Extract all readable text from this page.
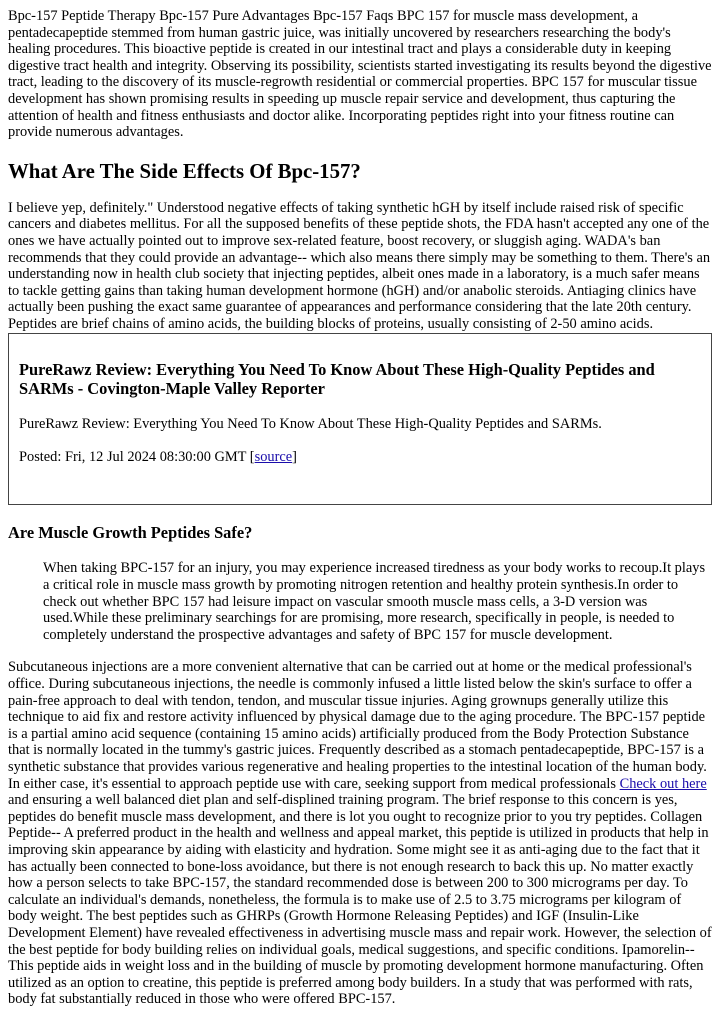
Bpc-157 Peptide Therapy Bpc-157 Pure Advantages Bpc-157 Faqs BPC 157 for muscle mass development, a pentadecapeptide stemmed from human gastric juice, was initially uncovered by researchers researching the body's healing procedures. This bioactive peptide is created in our intestinal tract and plays a considerable duty in keeping digestive tract health and integrity. Observing its possibility, scientists started investigating its results beyond the digestive tract, leading to the discovery of its muscle-regrowth residential or commercial properties. BPC 157 for muscular tissue development has shown promising results in speeding up muscle repair service and development, thus capturing the attention of health and fitness enthusiasts and doctor alike. Incorporating peptides right into your fitness routine can provide numerous advantages.

What Are The Side Effects Of Bpc-157?

I believe yep, definitely." Understood negative effects of taking synthetic hGH by itself include raised risk of specific cancers and diabetes mellitus. For all the supposed benefits of these peptide shots, the FDA hasn't accepted any one of the ones we have actually pointed out to improve sex-related feature, boost recovery, or sluggish aging. WADA's ban recommends that they could provide an advantage-- which also means there simply may be something to them. There's an understanding now in health club society that injecting peptides, albeit ones made in a laboratory, is a much safer means to tackle getting gains than taking human development hormone (hGH) and/or anabolic steroids. Antiaging clinics have actually been pushing the exact same guarantee of appearances and performance considering that the late 20th century. Peptides are brief chains of amino acids, the building blocks of proteins, usually consisting of 2-50 amino acids.

PureRawz Review: Everything You Need To Know About These High-Quality Peptides and SARMs - Covington-Maple Valley Reporter

PureRawz Review: Everything You Need To Know About These High-Quality Peptides and SARMs.

Posted: Fri, 12 Jul 2024 08:30:00 GMT [source]

Are Muscle Growth Peptides Safe?
When taking BPC-157 for an injury, you may experience increased tiredness as your body works to recoup.It plays a critical role in muscle mass growth by promoting nitrogen retention and healthy protein synthesis.In order to check out whether BPC 157 had leisure impact on vascular smooth muscle mass cells, a 3-D version was used.While these preliminary searchings for are promising, more research, specifically in people, is needed to completely understand the prospective advantages and safety of BPC 157 for muscle development.

Subcutaneous injections are a more convenient alternative that can be carried out at home or the medical professional's office. During subcutaneous injections, the needle is commonly infused a little listed below the skin's surface to offer a pain-free approach to deal with tendon, tendon, and muscular tissue injuries. Aging grownups generally utilize this technique to aid fix and restore activity influenced by physical damage due to the aging procedure. The BPC-157 peptide is a partial amino acid sequence (containing 15 amino acids) artificially produced from the Body Protection Substance that is normally located in the tummy's gastric juices. Frequently described as a stomach pentadecapeptide, BPC-157 is a synthetic substance that provides various regenerative and healing properties to the intestinal location of the human body. In either case, it's essential to approach peptide use with care, seeking support from medical professionals Check out here and ensuring a well balanced diet plan and self-displined training program. The brief response to this concern is yes, peptides do benefit muscle mass development, and there is lot you ought to recognize prior to you try peptides. Collagen Peptide-- A preferred product in the health and wellness and appeal market, this peptide is utilized in products that help in improving skin appearance by aiding with elasticity and hydration. Some might see it as anti-aging due to the fact that it has actually been connected to bone-loss avoidance, but there is not enough research to back this up. No matter exactly how a person selects to take BPC-157, the standard recommended dose is between 200 to 300 micrograms per day. To calculate an individual's demands, nonetheless, the formula is to make use of 2.5 to 3.75 micrograms per kilogram of body weight. The best peptides such as GHRPs (Growth Hormone Releasing Peptides) and IGF (Insulin-Like Development Element) have revealed effectiveness in advertising muscle mass and repair work. However, the selection of the best peptide for body building relies on individual goals, medical suggestions, and specific conditions. Ipamorelin-- This peptide aids in weight loss and in the building of muscle by promoting development hormone manufacturing. Often utilized as an option to creatine, this peptide is preferred among body builders. In a study that was performed with rats, body fat substantially reduced in those who were offered BPC-157.
